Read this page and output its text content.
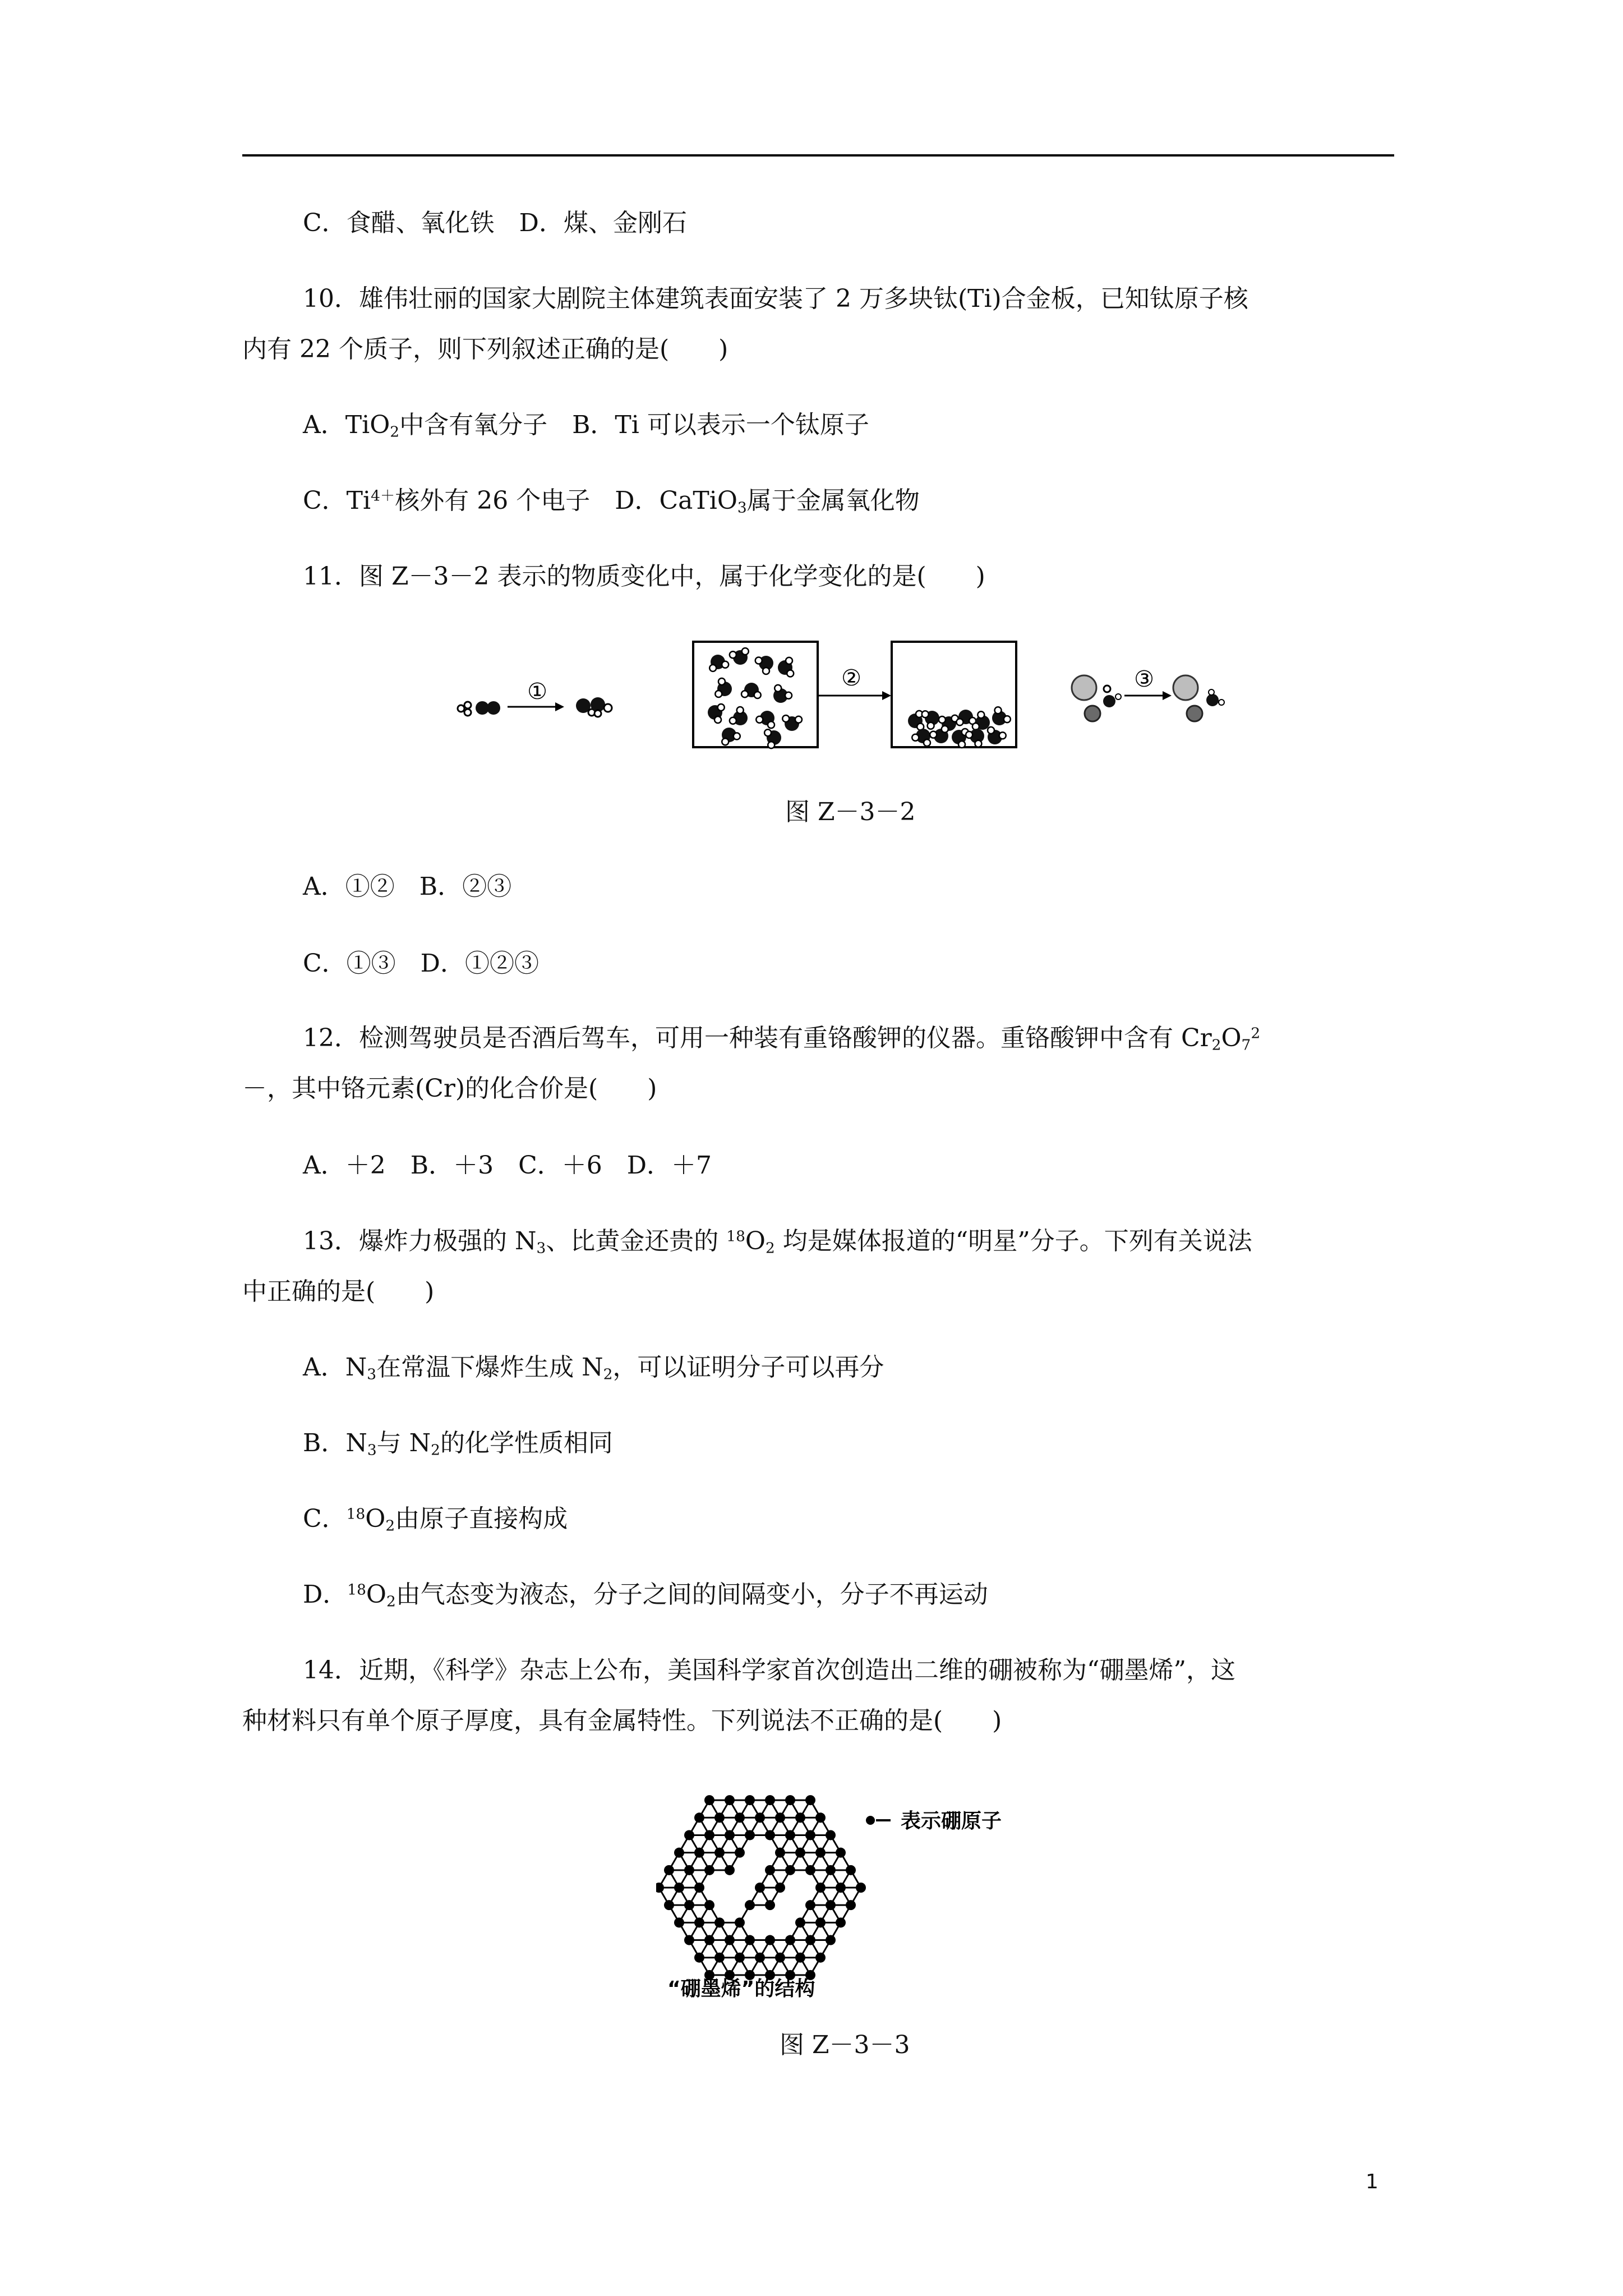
C．食醋、氧化铁　D．煤、金刚石

10．雄伟壮丽的国家大剧院主体建筑表面安装了 2 万多块钛(Ti)合金板，已知钛原子核

内有 22 个质子，则下列叙述正确的是(　　)

A．TiO$_2$中含有氧分子　B．Ti 可以表示一个钛原子

C．$Ti^{4+}$核外有 26 个电子　D．CaTiO$_3$属于金属氧化物

11．图 Z－3－2 表示的物质变化中，属于化学变化的是(　　)

①
②	③

图 Z－3－2

A．①②　B．②③

C．①③　D．①②③

12．检测驾驶员是否酒后驾车，可用一种装有重铬酸钾的仪器。重铬酸钾中含有 $Cr_2O_7^2$

－，其中铬元素(Cr)的化合价是(　　)

A．＋2　B．＋3　C．＋6　D．＋7

13．爆炸力极强的 $N_3$、比黄金还贵的 $^{18}O_2$ 均是媒体报道的“明星”分子。下列有关说法

中正确的是(　　)

A．$N_3$在常温下爆炸生成 $N_2$，可以证明分子可以再分

B．$N_3$与 $N_2$的化学性质相同

C．$^{18}O_2$由原子直接构成

D．$^{18}O_2$由气态变为液态，分子之间的间隔变小，分子不再运动

14．近期，《科学》杂志上公布，美国科学家首次创造出二维的硼被称为“硼墨烯”，这

种材料只有单个原子厚度，具有金属特性。下列说法不正确的是(　　)

表示硼原子
“硼墨烯”的结构

图 Z－3－3

1
